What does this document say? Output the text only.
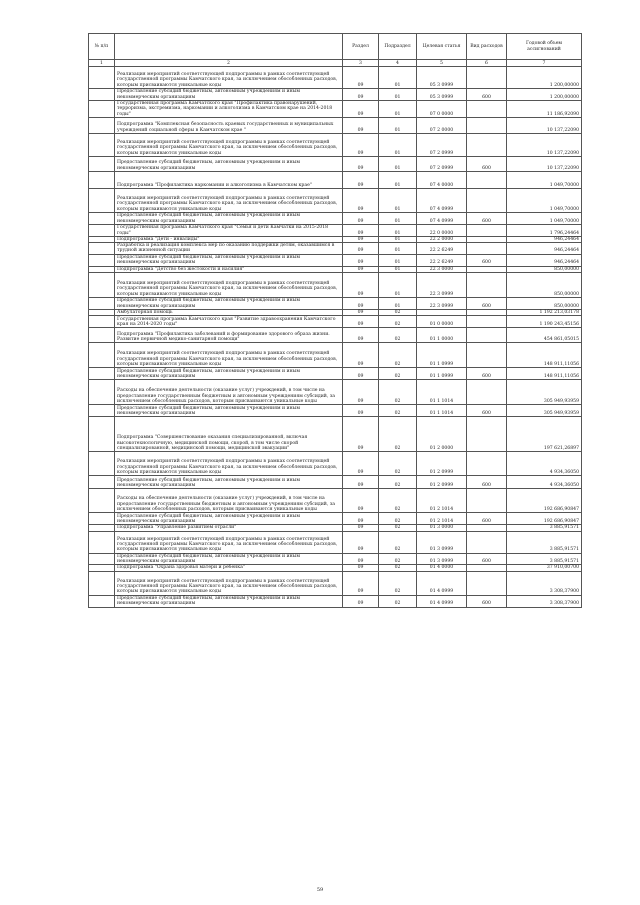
№ п/п		Раздел	Подраздел	Целевая статья	Вид расходов	Годовой объем ассигнований
1	2	3	4	5	6	7
	Реализация мероприятий соответствующей подпрограммы в рамках соответствующей государственной программы Камчатского края, за исключением обособленных расходов, которым присваиваются уникальные коды	09	01	05 3 0999		1 200,00000
	Предоставление субсидий бюджетным, автономным учреждениям и иным некоммерческим организациям	09	01	05 3 0999	600	1 200,00000
	Государственная программа Камчатского края "Профилактика правонарушений, терроризма, экстремизма, наркомании и алкоголизма в Камчатском крае на 2014-2018 годы"	09	01	07 0 0000		11 186,92090
	Подпрограмма "Комплексная безопасность краевых государственных и муниципальных учреждений социальной сферы в Камчатском крае "	09	01	07 2 0000		10 137,22090
	Реализация мероприятий соответствующей подпрограммы в рамках соответствующей государственной программы Камчатского края, за исключением обособленных расходов, которым присваиваются уникальные коды	09	01	07 2 0999		10 137,22090
	Предоставление субсидий бюджетным, автономным учреждениям и иным некоммерческим организациям	09	01	07 2 0999	600	10 137,22090
	Подпрограмма "Профилактика наркомании и алкоголизма в Камчатском крае"	09	01	07 4 0000		1 049,70000
	Реализация мероприятий соответствующей подпрограммы в рамках соответствующей государственной программы Камчатского края, за исключением обособленных расходов, которым присваиваются уникальные коды	09	01	07 4 0999		1 049,70000
	Предоставление субсидий бюджетным, автономным учреждениям и иным некоммерческим организациям	09	01	07 4 0999	600	1 049,70000
	Государственная программа Камчатского края "Семья и дети Камчатки на 2015-2018 годы"	09	01	22 0 0000		1 796,24464
	Подпрограмма "Дети - инвалиды"	09	01	22 2 0000		946,24464
	Разработка и реализация комплекса мер по оказанию поддержки детям, оказавшимся в трудной жизненной ситуации	09	01	22 2 6249		946,24464
	Предоставление субсидий бюджетным, автономным учреждениям и иным некоммерческим организациям	09	01	22 2 6249	600	946,24464
	Подпрограмма "Детство без жестокости и насилия"	09	01	22 3 0000		850,00000
	Реализация мероприятий соответствующей подпрограммы в рамках соответствующей государственной программы Камчатского края, за исключением обособленных расходов, которым присваиваются уникальные коды	09	01	22 3 0999		850,00000
	Предоставление субсидий бюджетным, автономным учреждениям и иным некоммерческим организациям	09	01	22 3 0999	600	850,00000
	Амбулаторная помощь	09	02			1 192 213,03178
	Государственная программа Камчатского края "Развитие здравоохранения Камчатского края на 2014-2020 годы"	09	02	01 0 0000		1 190 243,45156
	Подпрограмма "Профилактика заболеваний и формирование здорового образа жизни. Развитие первичной медико-санитарной помощи"	09	02	01 1 0000		454 861,05015
	Реализация мероприятий соответствующей подпрограммы в рамках соответствующей государственной программы Камчатского края, за исключением обособленных расходов, которым присваиваются уникальные коды	09	02	01 1 0999		148 911,11056
	Предоставление субсидий бюджетным, автономным учреждениям и иным некоммерческим организациям	09	02	01 1 0999	600	148 911,11056
	Расходы на обеспечение деятельности (оказание услуг) учреждений, в том числе на предоставление государственным бюджетным и автономным учреждениям субсидий, за исключением обособленных расходов, которым присваиваются уникальные коды	09	02	01 1 1014		305 949,93959
	Предоставление субсидий бюджетным, автономным учреждениям и иным некоммерческим организациям	09	02	01 1 1014	600	305 949,93959
	Подпрограмма "Совершенствование оказания специализированной, включая высокотехнологичную, медицинской помощи, скорой, в том числе скорой специализированной, медицинской помощи, медицинской эвакуации"	09	02	01 2 0000		197 621,26897
	Реализация мероприятий соответствующей подпрограммы в рамках соответствующей государственной программы Камчатского края, за исключением обособленных расходов, которым присваиваются уникальные коды	09	02	01 2 0999		4 934,36050
	Предоставление субсидий бюджетным, автономным учреждениям и иным некоммерческим организациям	09	02	01 2 0999	600	4 934,36050
	Расходы на обеспечение деятельности (оказание услуг) учреждений, в том числе на предоставление государственным бюджетным и автономным учреждениям субсидий, за исключением обособленных расходов, которым присваиваются уникальные коды	09	02	01 2 1014		192 686,90847
	Предоставление субсидий бюджетным, автономным учреждениям и иным некоммерческим организациям	09	02	01 2 1014	600	192 686,90847
	Подпрограмма "Управление развитием отрасли"	09	02	01 3 0000		3 885,91571
	Реализация мероприятий соответствующей подпрограммы в рамках соответствующей государственной программы Камчатского края, за исключением обособленных расходов, которым присваиваются уникальные коды	09	02	01 3 0999		3 885,91571
	Предоставление субсидий бюджетным, автономным учреждениям и иным некоммерческим организациям	09	02	01 3 0999	600	3 885,91571
	Подпрограмма "Охрана здоровья матери и ребенка"	09	02	01 4 0000		37 910,00700
	Реализация мероприятий соответствующей подпрограммы в рамках соответствующей государственной программы Камчатского края, за исключением обособленных расходов, которым присваиваются уникальные коды	09	02	01 4 0999		3 308,37900
	Предоставление субсидий бюджетным, автономным учреждениям и иным некоммерческим организациям	09	02	01 4 0999	600	3 308,37900
59
